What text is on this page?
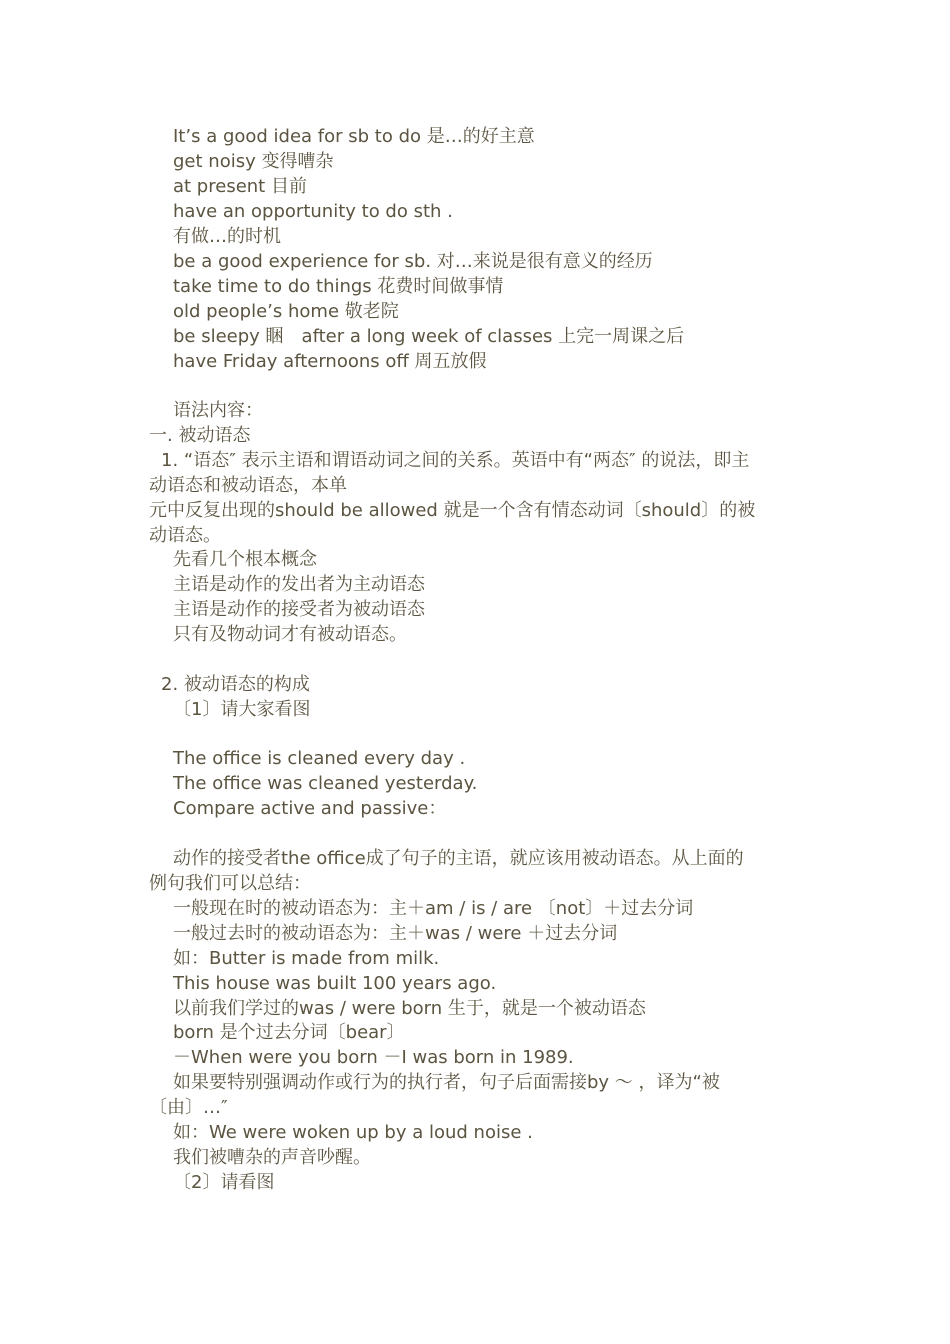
It’s a good idea for sb to do 是…的好主意
get noisy 变得嘈杂
at present 目前
have an opportunity to do sth .
有做…的时机
be a good experience for sb. 对…来说是很有意义的经历
take time to do things 花费时间做事情
old people’s home 敬老院
be sleepy 睏　after a long week of classes 上完一周课之后
have Friday afternoons off 周五放假
语法内容：
一. 被动语态
1. “语态″ 表示主语和谓语动词之间的关系。英语中有“两态″ 的说法，即主
动语态和被动语态，本单
元中反复出现的should be allowed 就是一个含有情态动词〔should〕的被
动语态。
先看几个根本概念
主语是动作的发出者为主动语态
主语是动作的接受者为被动语态
只有及物动词才有被动语态。
2. 被动语态的构成
〔1〕请大家看图
The office is cleaned every day .
The office was cleaned yesterday.
Compare active and passive：
动作的接受者the office成了句子的主语，就应该用被动语态。从上面的
例句我们可以总结：
一般现在时的被动语态为：主＋am / is / are 〔not〕＋过去分词
一般过去时的被动语态为：主＋was / were ＋过去分词
如：Butter is made from milk.
This house was built 100 years ago.
以前我们学过的was / were born 生于，就是一个被动语态
born 是个过去分词〔bear〕
－When were you born －I was born in 1989.
如果要特别强调动作或行为的执行者，句子后面需接by ～ ，译为“被
〔由〕…″
如：We were woken up by a loud noise .
我们被嘈杂的声音吵醒。
〔2〕请看图
